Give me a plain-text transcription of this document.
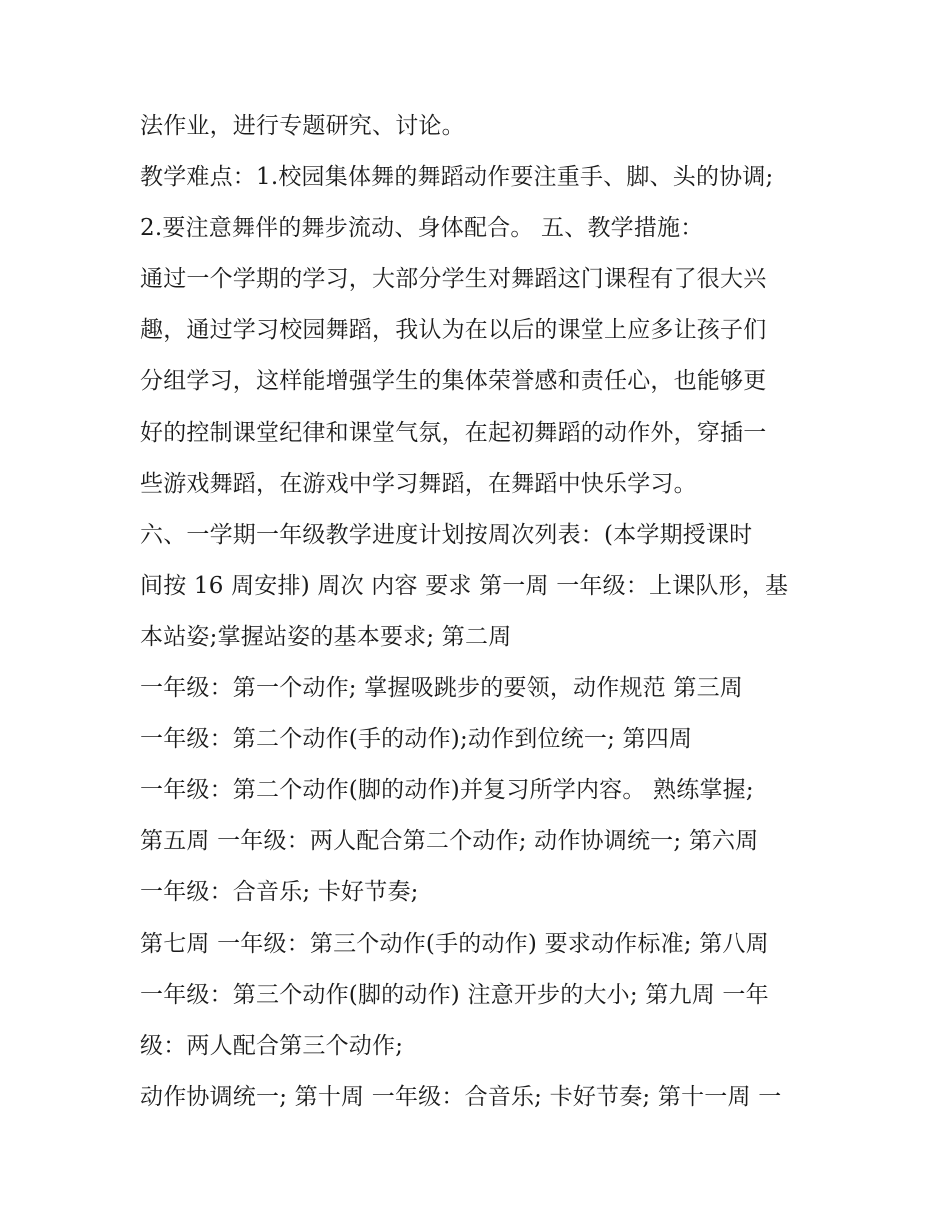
法作业，进行专题研究、讨论。
教学难点：1.校园集体舞的舞蹈动作要注重手、脚、头的协调;
2.要注意舞伴的舞步流动、身体配合。 五、教学措施：
通过一个学期的学习，大部分学生对舞蹈这门课程有了很大兴
趣，通过学习校园舞蹈，我认为在以后的课堂上应多让孩子们
分组学习，这样能增强学生的集体荣誉感和责任心，也能够更
好的控制课堂纪律和课堂气氛，在起初舞蹈的动作外，穿插一
些游戏舞蹈，在游戏中学习舞蹈，在舞蹈中快乐学习。
六、一学期一年级教学进度计划按周次列表：(本学期授课时
间按 16 周安排) 周次 内容 要求 第一周 一年级：上课队形，基
本站姿;掌握站姿的基本要求; 第二周
一年级：第一个动作; 掌握吸跳步的要领，动作规范 第三周
一年级：第二个动作(手的动作);动作到位统一; 第四周
一年级：第二个动作(脚的动作)并复习所学内容。 熟练掌握;
第五周 一年级：两人配合第二个动作; 动作协调统一; 第六周
一年级：合音乐; 卡好节奏;
第七周 一年级：第三个动作(手的动作) 要求动作标准; 第八周
一年级：第三个动作(脚的动作) 注意开步的大小; 第九周 一年
级：两人配合第三个动作;
动作协调统一; 第十周 一年级：合音乐; 卡好节奏; 第十一周 一
